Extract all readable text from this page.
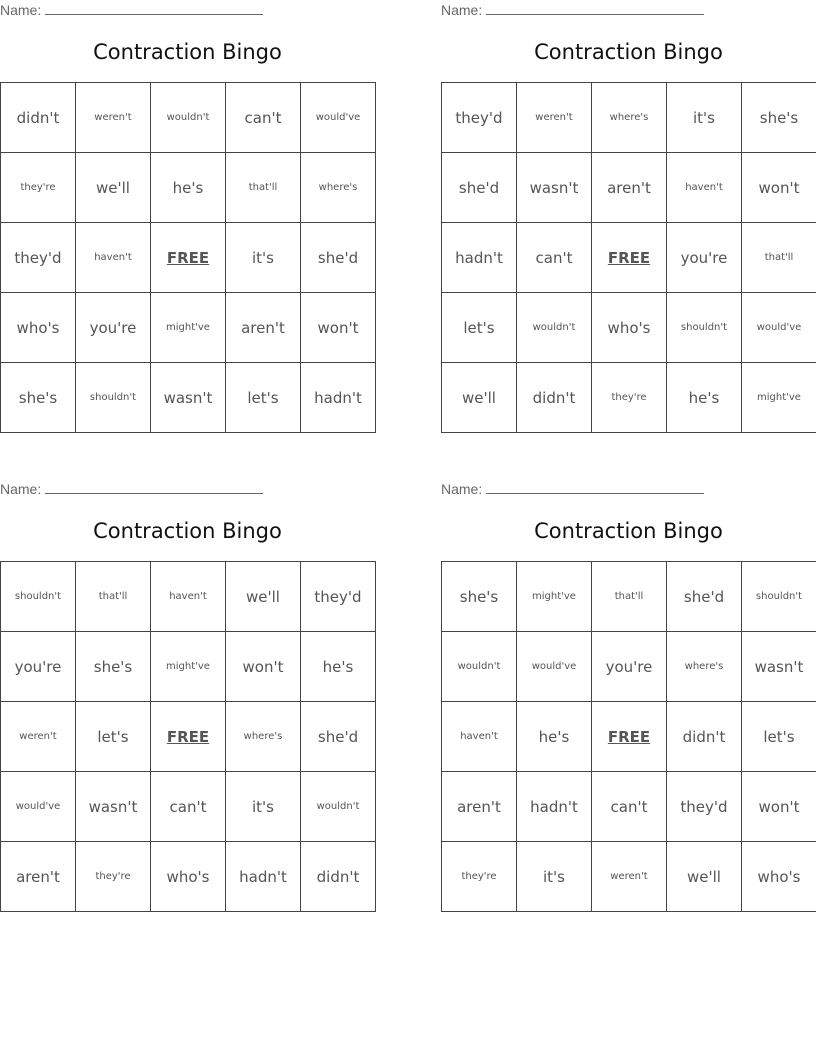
Name:
Contraction Bingo
didn't	weren't	wouldn't	can't	would've
they're	we'll	he's	that'll	where's
they'd	haven't	FREE	it's	she'd
who's	you're	might've	aren't	won't
she's	shouldn't	wasn't	let's	hadn't
Name:
Contraction Bingo
they'd	weren't	where's	it's	she's
she'd	wasn't	aren't	haven't	won't
hadn't	can't	FREE	you're	that'll
let's	wouldn't	who's	shouldn't	would've
we'll	didn't	they're	he's	might've
Name:
Contraction Bingo
shouldn't	that'll	haven't	we'll	they'd
you're	she's	might've	won't	he's
weren't	let's	FREE	where's	she'd
would've	wasn't	can't	it's	wouldn't
aren't	they're	who's	hadn't	didn't
Name:
Contraction Bingo
she's	might've	that'll	she'd	shouldn't
wouldn't	would've	you're	where's	wasn't
haven't	he's	FREE	didn't	let's
aren't	hadn't	can't	they'd	won't
they're	it's	weren't	we'll	who's
